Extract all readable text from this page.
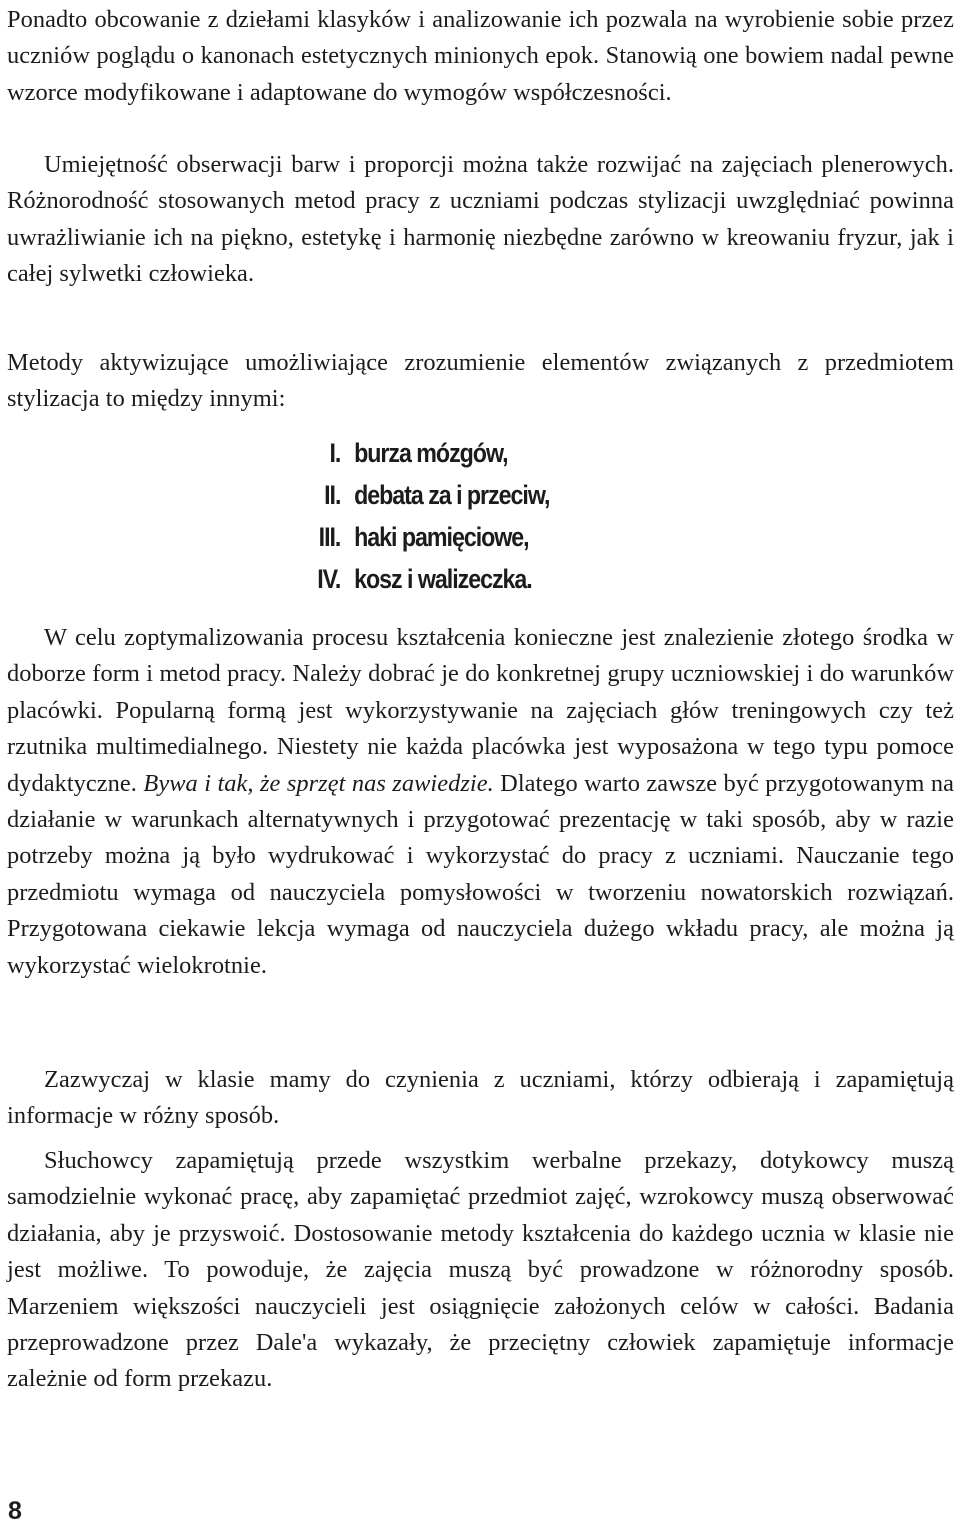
Ponadto obcowanie z dziełami klasyków i analizowanie ich pozwala na wyrobienie sobie przez uczniów poglądu o kanonach estetycznych minionych epok. Stanowią one bowiem nadal pewne wzorce modyfikowane i adaptowane do wymogów współczesności.

Umiejętność obserwacji barw i proporcji można także rozwijać na zajęciach plenerowych. Różnorodność stosowanych metod pracy z uczniami podczas stylizacji uwzględniać powinna uwrażliwianie ich na piękno, estetykę i harmonię niezbędne zarówno w kreowaniu fryzur, jak i całej sylwetki człowieka.

Metody aktywizujące umożliwiające zrozumienie elementów związanych z przedmiotem stylizacja to między innymi:

I. burza mózgów,
II. debata za i przeciw,
III. haki pamięciowe,
IV. kosz i walizeczka.

W celu zoptymalizowania procesu kształcenia konieczne jest znalezienie złotego środka w doborze form i metod pracy. Należy dobrać je do konkretnej grupy uczniowskiej i do warunków placówki. Popularną formą jest wykorzystywanie na zajęciach głów treningowych czy też rzutnika multimedialnego. Niestety nie każda placówka jest wyposażona w tego typu pomoce dydaktyczne. Bywa i tak, że sprzęt nas zawiedzie. Dlatego warto zawsze być przygotowanym na działanie w warunkach alternatywnych i przygotować prezentację w taki sposób, aby w razie potrzeby można ją było wydrukować i wykorzystać do pracy z uczniami. Nauczanie tego przedmiotu wymaga od nauczyciela pomysłowości w tworzeniu nowatorskich rozwiązań. Przygotowana ciekawie lekcja wymaga od nauczyciela dużego wkładu pracy, ale można ją wykorzystać wielokrotnie.

Zazwyczaj w klasie mamy do czynienia z uczniami, którzy odbierają i zapamiętują informacje w różny sposób.

Słuchowcy zapamiętują przede wszystkim werbalne przekazy, dotykowcy muszą samodzielnie wykonać pracę, aby zapamiętać przedmiot zajęć, wzrokowcy muszą obserwować działania, aby je przyswoić. Dostosowanie metody kształcenia do każdego ucznia w klasie nie jest możliwe. To powoduje, że zajęcia muszą być prowadzone w różnorodny sposób. Marzeniem większości nauczycieli jest osiągnięcie założonych celów w całości. Badania przeprowadzone przez Dale'a wykazały, że przeciętny człowiek zapamiętuje informacje zależnie od form przekazu.

8
